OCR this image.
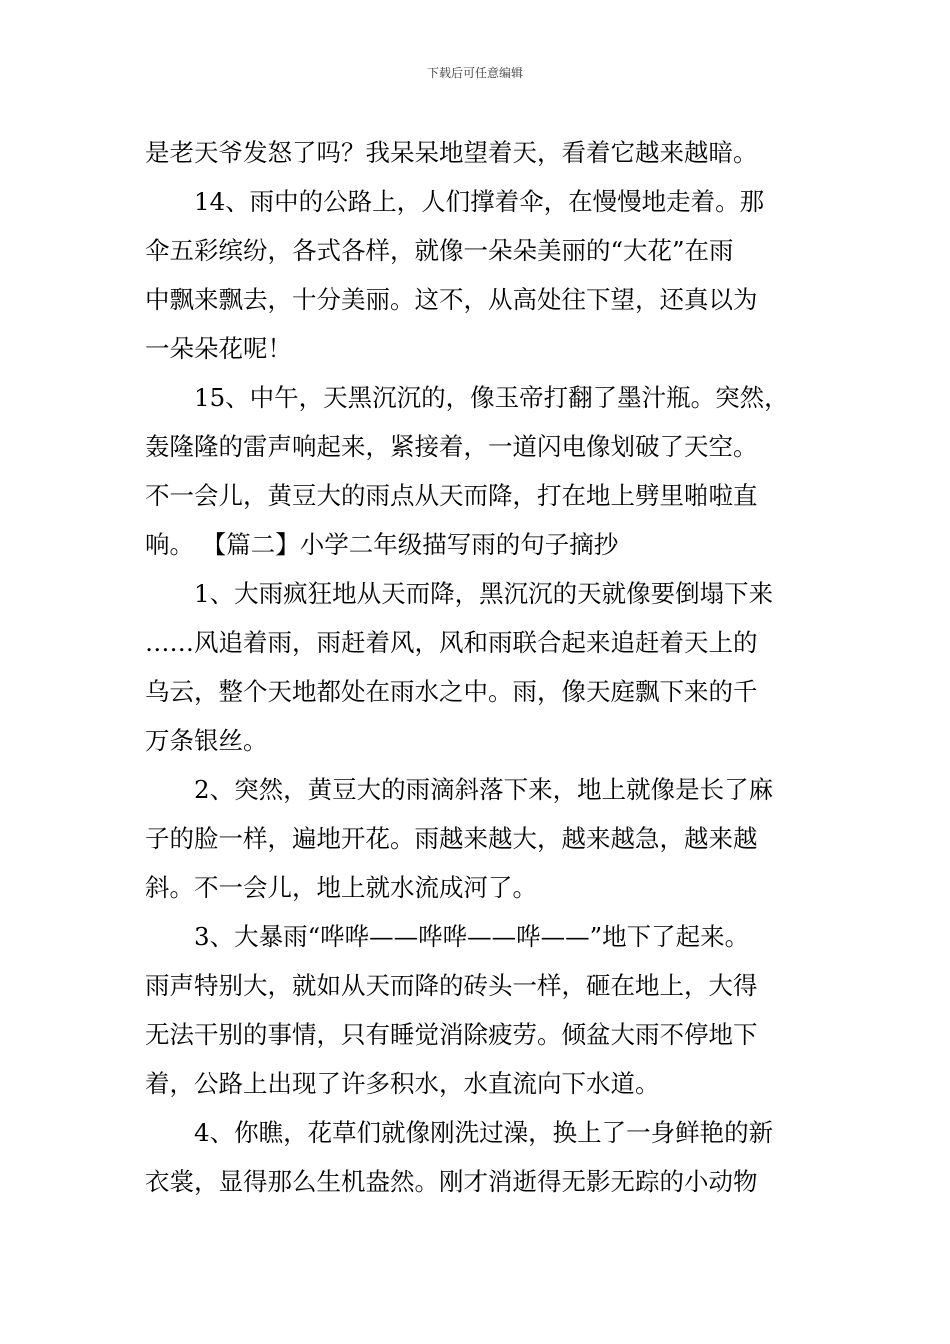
下载后可任意编辑
是老天爷发怒了吗？我呆呆地望着天，看着它越来越暗。
14、雨中的公路上，人们撑着伞，在慢慢地走着。那
伞五彩缤纷，各式各样，就像一朵朵美丽的“大花”在雨
中飘来飘去，十分美丽。这不，从高处往下望，还真以为
一朵朵花呢！
15、中午，天黑沉沉的，像玉帝打翻了墨汁瓶。突然，
轰隆隆的雷声响起来，紧接着，一道闪电像划破了天空。
不一会儿，黄豆大的雨点从天而降，打在地上劈里啪啦直
响。 【篇二】小学二年级描写雨的句子摘抄
1、大雨疯狂地从天而降，黑沉沉的天就像要倒塌下来
……风追着雨，雨赶着风，风和雨联合起来追赶着天上的
乌云，整个天地都处在雨水之中。雨，像天庭飘下来的千
万条银丝。
2、突然，黄豆大的雨滴斜落下来，地上就像是长了麻
子的脸一样，遍地开花。雨越来越大，越来越急，越来越
斜。不一会儿，地上就水流成河了。
3、大暴雨“哗哗——哗哗——哗——”地下了起来。
雨声特别大，就如从天而降的砖头一样，砸在地上，大得
无法干别的事情，只有睡觉消除疲劳。倾盆大雨不停地下
着，公路上出现了许多积水，水直流向下水道。
4、你瞧，花草们就像刚洗过澡，换上了一身鲜艳的新
衣裳，显得那么生机盎然。刚才消逝得无影无踪的小动物
